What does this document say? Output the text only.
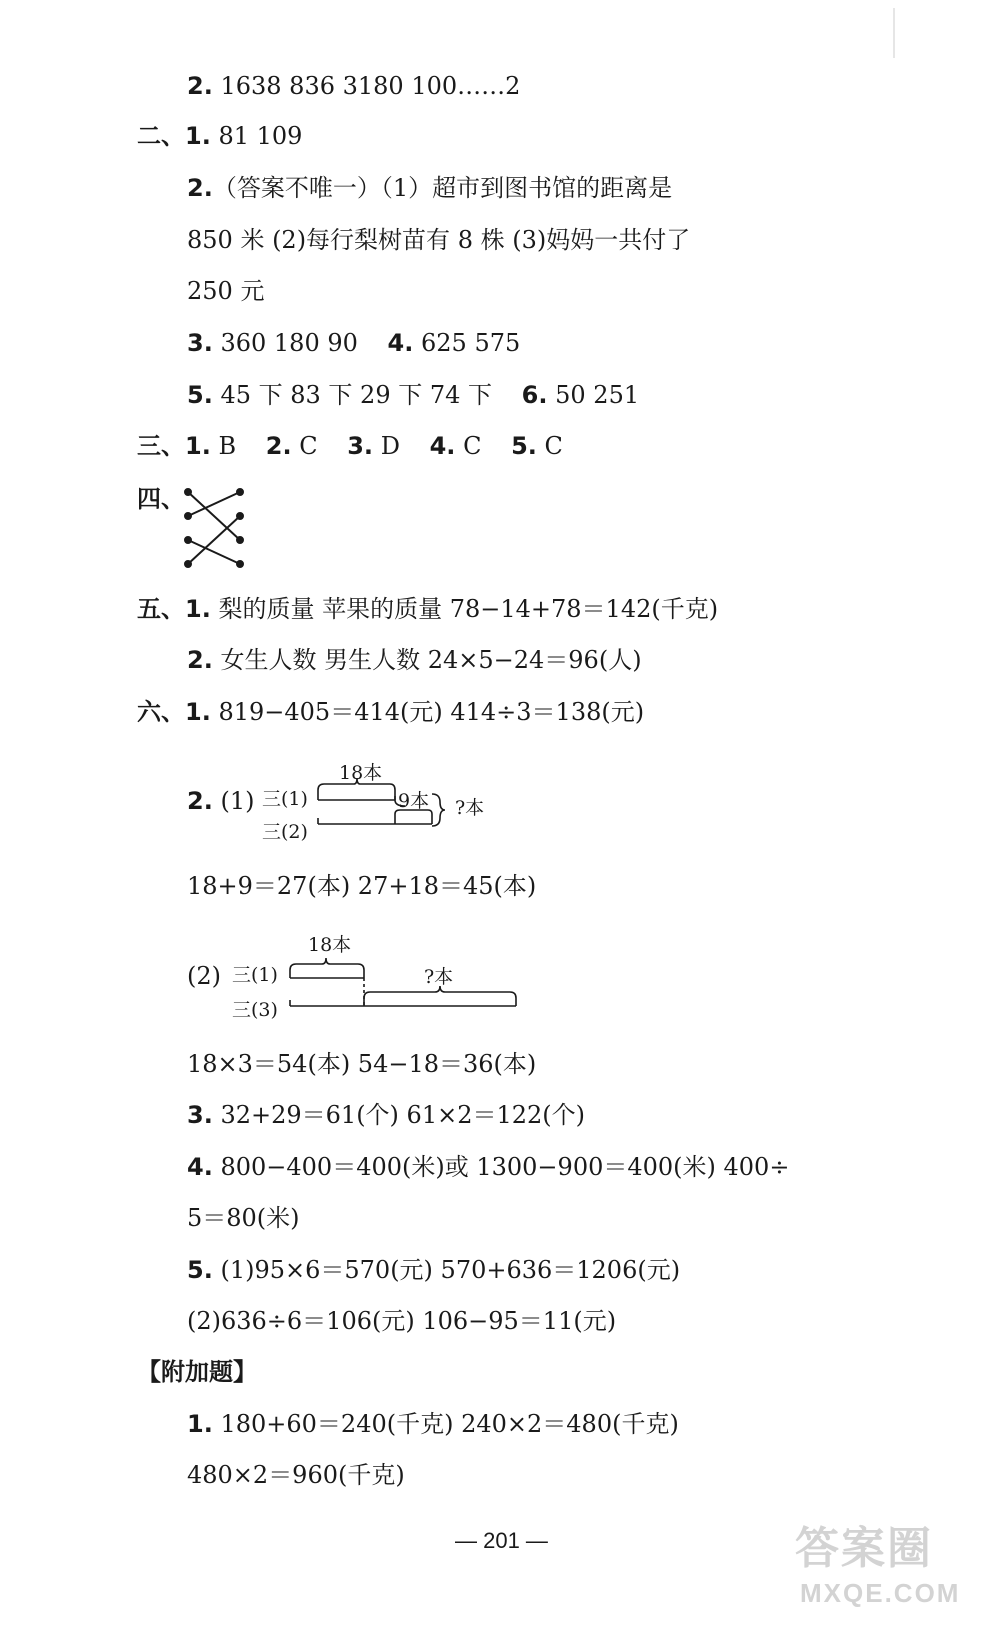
2. 1638 836 3180 100……2
二、1. 81 109
2.（答案不唯一）（1）超市到图书馆的距离是
850 米 (2)每行梨树苗有 8 株 (3)妈妈一共付了
250 元
3. 360 180 90 4. 625 575
5. 45 下 83 下 29 下 74 下 6. 50 251
三、1. B 2. C 3. D 4. C 5. C
四、
五、1. 梨的质量 苹果的质量 78−14+78＝142(千克)
2. 女生人数 男生人数 24×5−24＝96(人)
六、1. 819−405＝414(元) 414÷3＝138(元)
2. (1) 三(1)
三(2)
18本
9本 ?本
18+9＝27(本) 27+18＝45(本)
(2) 三(1)
三(3)
18本
?本
18×3＝54(本) 54−18＝36(本)
3. 32+29＝61(个) 61×2＝122(个)
4. 800−400＝400(米)或 1300−900＝400(米) 400÷
5＝80(米)
5. (1)95×6＝570(元) 570+636＝1206(元)
(2)636÷6＝106(元) 106−95＝11(元)
【附加题】
1. 180+60＝240(千克) 240×2＝480(千克)
480×2＝960(千克)
— 201 —	答案圈
MXQE.COM
